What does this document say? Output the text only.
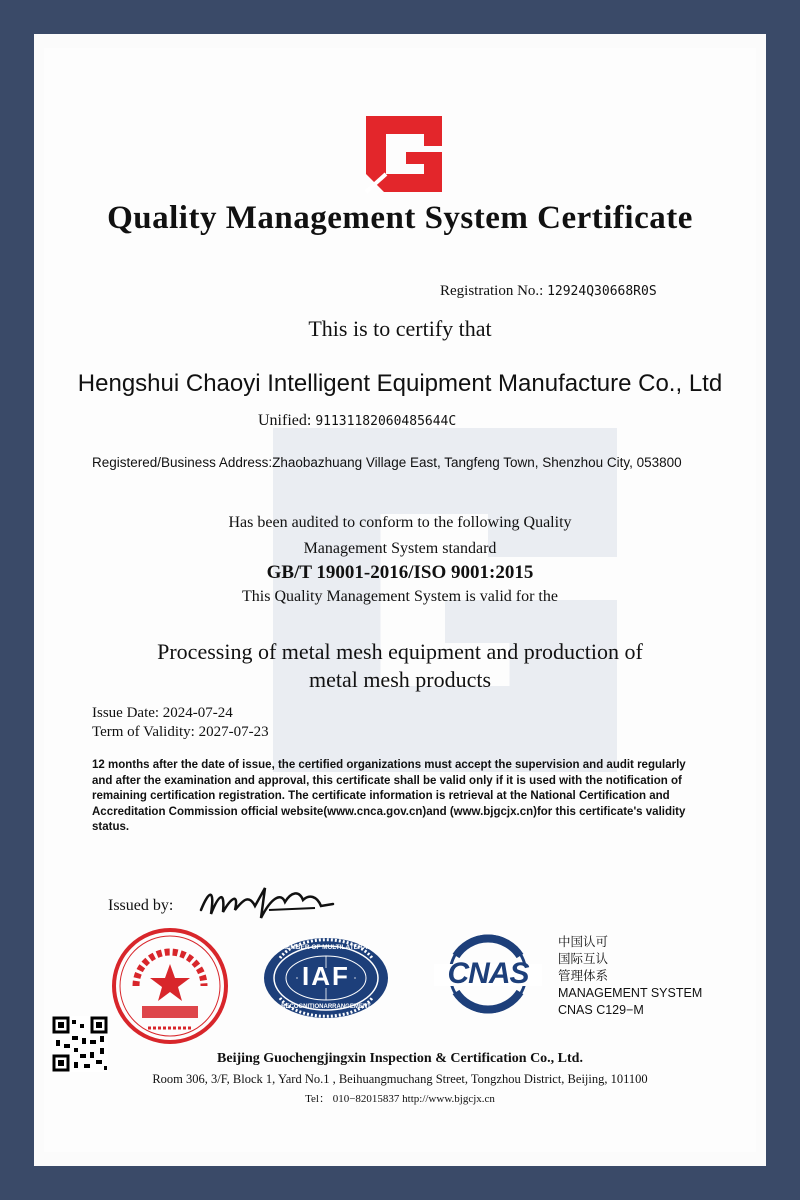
Quality Management System Certificate
Registration No.: 12924Q30668R0S
This is to certify that
Hengshui Chaoyi Intelligent Equipment Manufacture Co., Ltd
Unified: 91131182060485644C
Registered/Business Address:Zhaobazhuang Village East, Tangfeng Town, Shenzhou City, 053800
Has been audited to conform to the following Quality
Management System standard
GB/T 19001-2016/ISO 9001:2015
This Quality Management System is valid for the
Processing of metal mesh equipment and production of
metal mesh products
Issue Date: 2024-07-24
Term of Validity: 2027-07-23
12 months after the date of issue, the certified organizations must accept the supervision and audit regularly
and after the examination and approval, this certificate shall be valid only if it is used with the notification of
remaining certification registration. The certificate information is retrieval at the National Certification and
Accreditation Commission official website(www.cnca.gov.cn)and (www.bjgcjx.cn)for this certificate's validity
status.
Issued by:
MEMBER OF MULTILATERAL
IAF
RECOGNITIONARRANGEMENT
CNAS
中国认可
国际互认
管理体系
MANAGEMENT SYSTEM
CNAS C129−M
Beijing Guochengjingxin Inspection & Certification Co., Ltd.
Room 306, 3/F, Block 1, Yard No.1 , Beihuangmuchang Street, Tongzhou District, Beijing, 101100
Tel： 010−82015837 http://www.bjgcjx.cn
